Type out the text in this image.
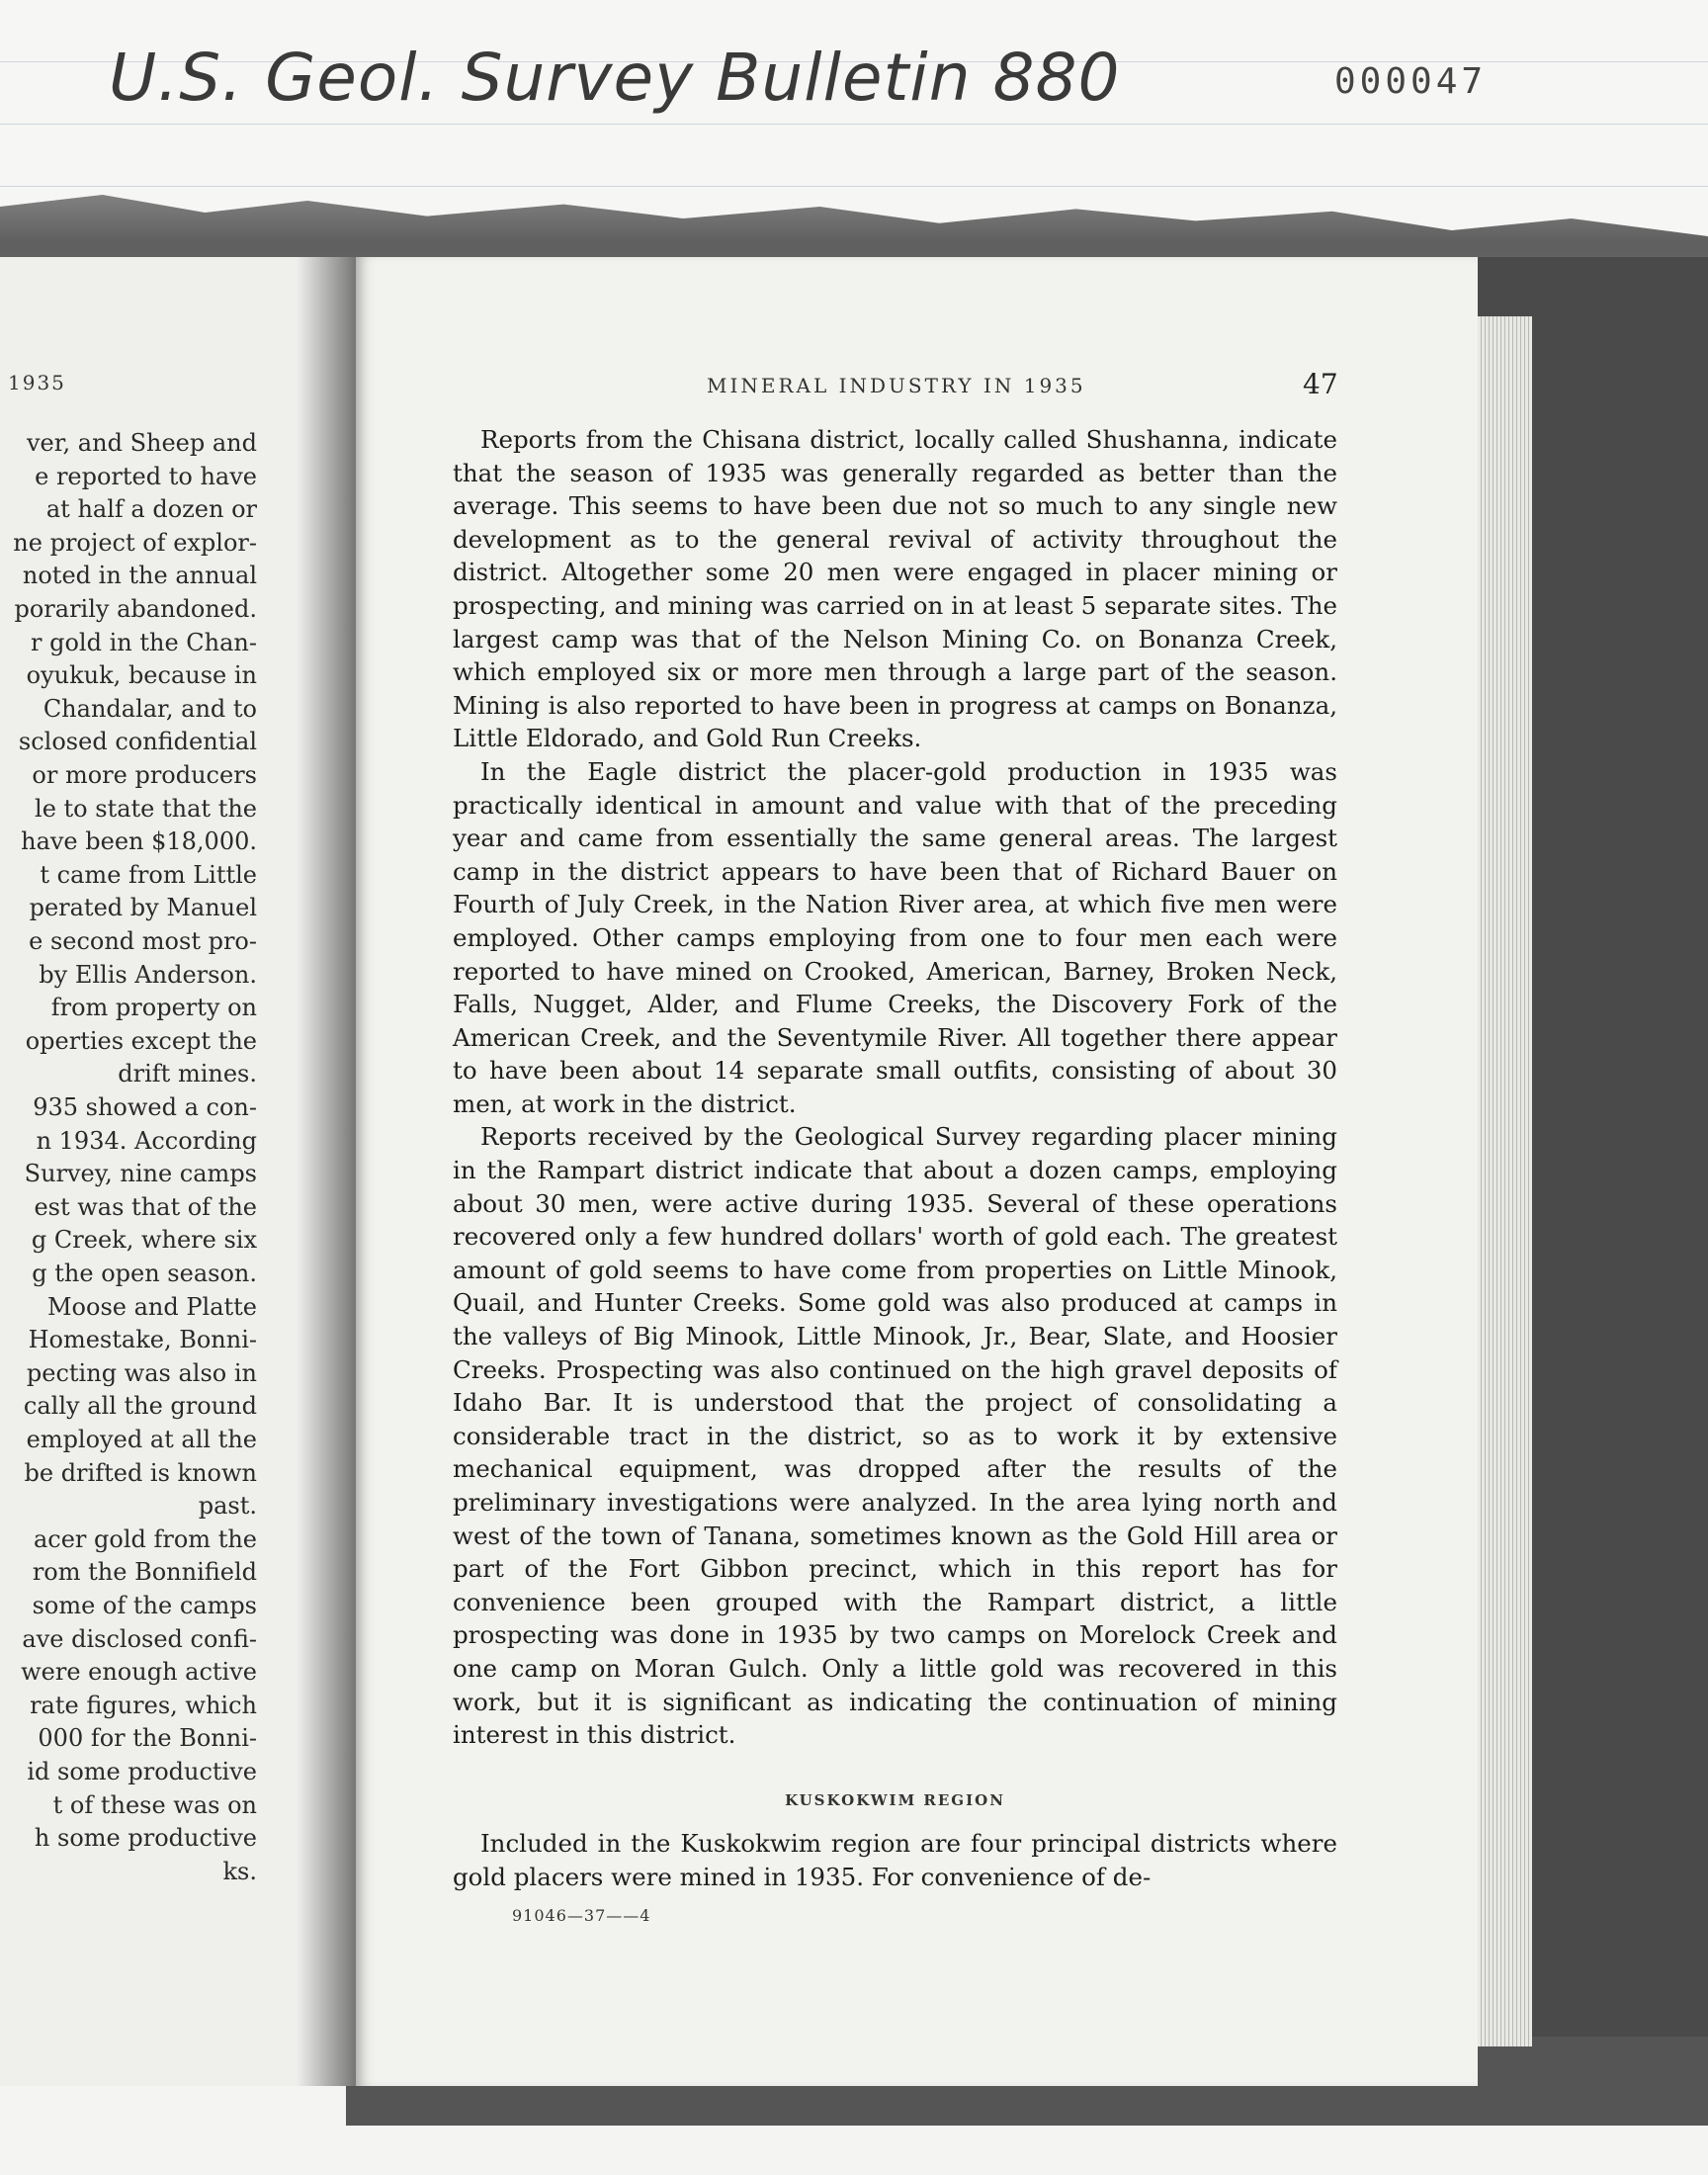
U.S. Geol. Survey Bulletin 880	000047
1935
ver, and Sheep and
e reported to have
at half a dozen or
ne project of explor-
noted in the annual
porarily abandoned.
r gold in the Chan-
oyukuk, because in
Chandalar, and to
sclosed confidential
or more producers
le to state that the
have been $18,000.
t came from Little
perated by Manuel
e second most pro-
by Ellis Anderson.
from property on
operties except the
drift mines.
935 showed a con-
n 1934. According
Survey, nine camps
est was that of the
g Creek, where six
g the open season.
Moose and Platte
Homestake, Bonni-
pecting was also in
cally all the ground
employed at all the
be drifted is known
past.
acer gold from the
rom the Bonnifield
some of the camps
ave disclosed confi-
were enough active
rate figures, which
000 for the Bonni-
id some productive
t of these was on
h some productive
ks.
MINERAL INDUSTRY IN 1935	47

Reports from the Chisana district, locally called Shushanna, indicate that the season of 1935 was generally regarded as better than the average. This seems to have been due not so much to any single new development as to the general revival of activity throughout the district. Altogether some 20 men were engaged in placer mining or prospecting, and mining was carried on in at least 5 separate sites. The largest camp was that of the Nelson Mining Co. on Bonanza Creek, which employed six or more men through a large part of the season. Mining is also reported to have been in progress at camps on Bonanza, Little Eldorado, and Gold Run Creeks.

In the Eagle district the placer-gold production in 1935 was practically identical in amount and value with that of the preceding year and came from essentially the same general areas. The largest camp in the district appears to have been that of Richard Bauer on Fourth of July Creek, in the Nation River area, at which five men were employed. Other camps employing from one to four men each were reported to have mined on Crooked, American, Barney, Broken Neck, Falls, Nugget, Alder, and Flume Creeks, the Discovery Fork of the American Creek, and the Seventymile River. All together there appear to have been about 14 separate small outfits, consisting of about 30 men, at work in the district.

Reports received by the Geological Survey regarding placer mining in the Rampart district indicate that about a dozen camps, employing about 30 men, were active during 1935. Several of these operations recovered only a few hundred dollars' worth of gold each. The greatest amount of gold seems to have come from properties on Little Minook, Quail, and Hunter Creeks. Some gold was also produced at camps in the valleys of Big Minook, Little Minook, Jr., Bear, Slate, and Hoosier Creeks. Prospecting was also continued on the high gravel deposits of Idaho Bar. It is understood that the project of consolidating a considerable tract in the district, so as to work it by extensive mechanical equipment, was dropped after the results of the preliminary investigations were analyzed. In the area lying north and west of the town of Tanana, sometimes known as the Gold Hill area or part of the Fort Gibbon precinct, which in this report has for convenience been grouped with the Rampart district, a little prospecting was done in 1935 by two camps on Morelock Creek and one camp on Moran Gulch. Only a little gold was recovered in this work, but it is significant as indicating the continuation of mining interest in this district.

KUSKOKWIM REGION

Included in the Kuskokwim region are four principal districts where gold placers were mined in 1935. For convenience of de-

91046—37——4
